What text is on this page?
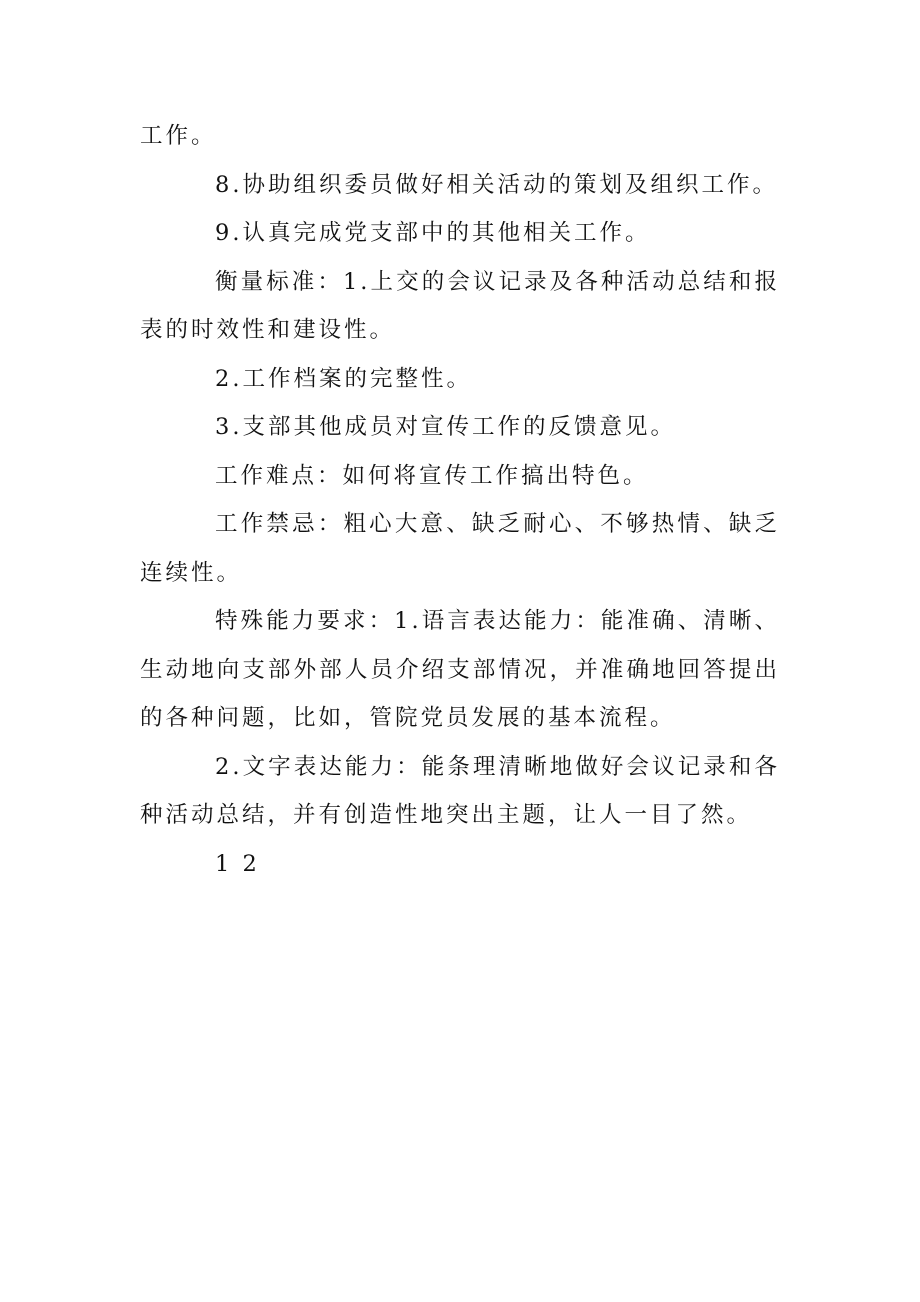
工作。

8.协助组织委员做好相关活动的策划及组织工作。

9.认真完成党支部中的其他相关工作。

衡量标准：1.上交的会议记录及各种活动总结和报表的时效性和建设性。

2.工作档案的完整性。

3.支部其他成员对宣传工作的反馈意见。

工作难点：如何将宣传工作搞出特色。

工作禁忌：粗心大意、缺乏耐心、不够热情、缺乏连续性。

特殊能力要求：1.语言表达能力：能准确、清晰、生动地向支部外部人员介绍支部情况，并准确地回答提出的各种问题，比如，管院党员发展的基本流程。

2.文字表达能力：能条理清晰地做好会议记录和各种活动总结，并有创造性地突出主题，让人一目了然。

1 2
